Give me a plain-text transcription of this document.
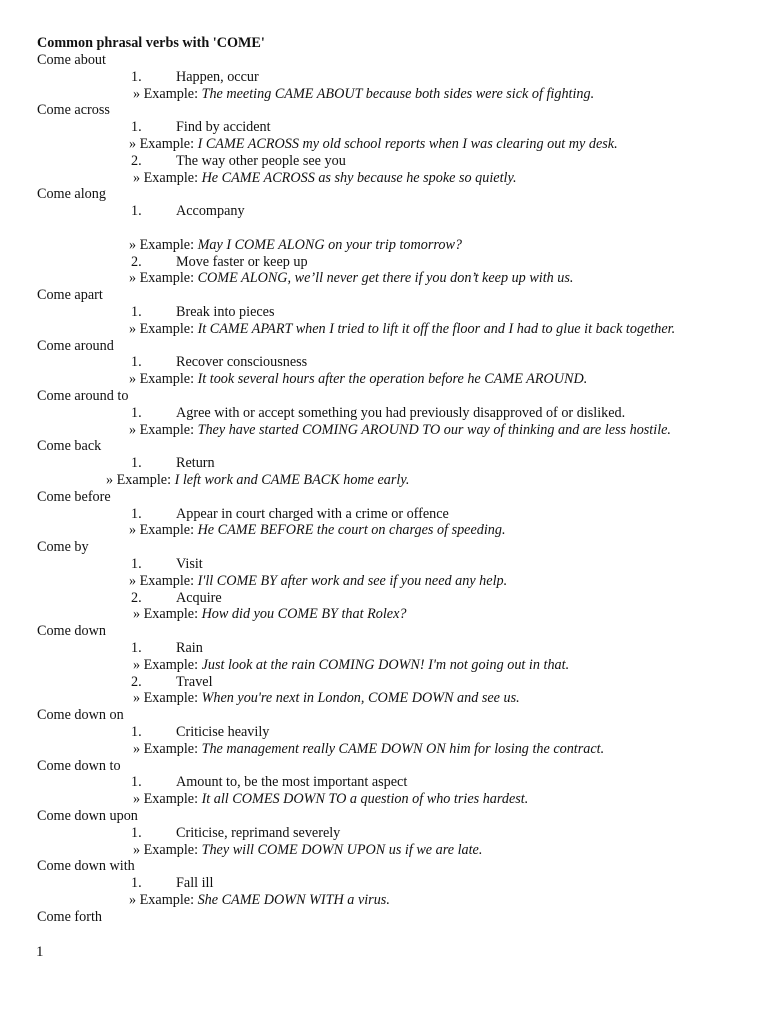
Common phrasal verbs with 'COME'
Come about
1. Happen, occur
» Example: The meeting CAME ABOUT because both sides were sick of fighting.
Come across
1. Find by accident
» Example: I CAME ACROSS my old school reports when I was clearing out my desk.
2. The way other people see you
» Example: He CAME ACROSS as shy because he spoke so quietly.
Come along
1. Accompany
» Example: May I COME ALONG on your trip tomorrow?
2. Move faster or keep up
» Example: COME ALONG, we’ll never get there if you don’t keep up with us.
Come apart
1. Break into pieces
» Example: It CAME APART when I tried to lift it off the floor and I had to glue it back together.
Come around
1. Recover consciousness
» Example: It took several hours after the operation before he CAME AROUND.
Come around to
1. Agree with or accept something you had previously disapproved of or disliked.
» Example: They have started COMING AROUND TO our way of thinking and are less hostile.
Come back
1. Return
» Example: I left work and CAME BACK home early.
Come before
1. Appear in court charged with a crime or offence
» Example: He CAME BEFORE the court on charges of speeding.
Come by
1. Visit
» Example: I'll COME BY after work and see if you need any help.
2. Acquire
» Example: How did you COME BY that Rolex?
Come down
1. Rain
» Example: Just look at the rain COMING DOWN! I'm not going out in that.
2. Travel
» Example: When you're next in London, COME DOWN and see us.
Come down on
1. Criticise heavily
» Example: The management really CAME DOWN ON him for losing the contract.
Come down to
1. Amount to, be the most important aspect
» Example: It all COMES DOWN TO a question of who tries hardest.
Come down upon
1. Criticise, reprimand severely
» Example: They will COME DOWN UPON us if we are late.
Come down with
1. Fall ill
» Example: She CAME DOWN WITH a virus.
Come forth
1
